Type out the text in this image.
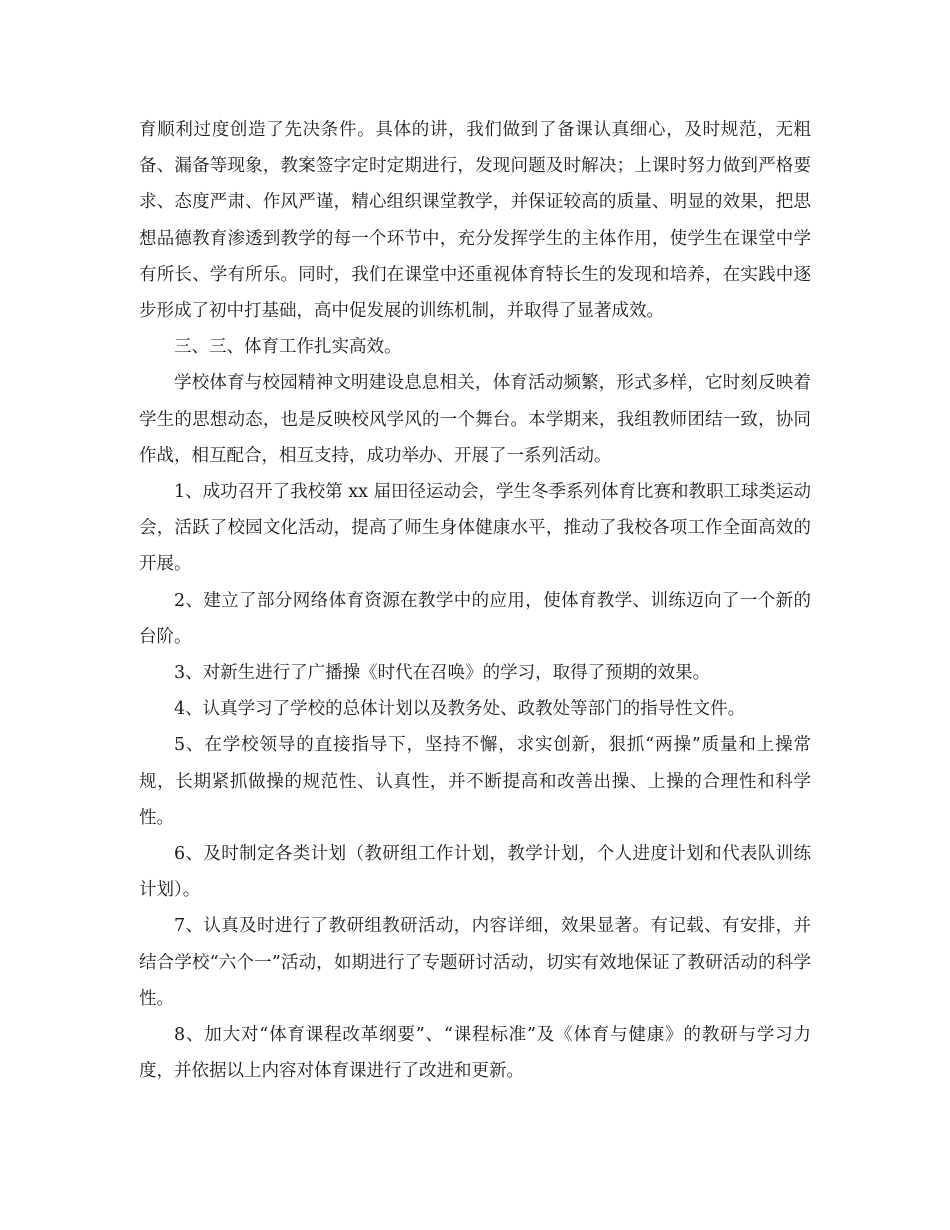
育顺利过度创造了先决条件。具体的讲，我们做到了备课认真细心，及时规范，无粗备、漏备等现象，教案签字定时定期进行，发现问题及时解决；上课时努力做到严格要求、态度严肃、作风严谨，精心组织课堂教学，并保证较高的质量、明显的效果，把思想品德教育渗透到教学的每一个环节中，充分发挥学生的主体作用，使学生在课堂中学有所长、学有所乐。同时，我们在课堂中还重视体育特长生的发现和培养，在实践中逐步形成了初中打基础，高中促发展的训练机制，并取得了显著成效。

三、三、体育工作扎实高效。

学校体育与校园精神文明建设息息相关，体育活动频繁，形式多样，它时刻反映着学生的思想动态，也是反映校风学风的一个舞台。本学期来，我组教师团结一致，协同作战，相互配合，相互支持，成功举办、开展了一系列活动。

1、成功召开了我校第 xx 届田径运动会，学生冬季系列体育比赛和教职工球类运动会，活跃了校园文化活动，提高了师生身体健康水平，推动了我校各项工作全面高效的开展。

2、建立了部分网络体育资源在教学中的应用，使体育教学、训练迈向了一个新的台阶。

3、对新生进行了广播操《时代在召唤》的学习，取得了预期的效果。

4、认真学习了学校的总体计划以及教务处、政教处等部门的指导性文件。

5、在学校领导的直接指导下，坚持不懈，求实创新，狠抓“两操”质量和上操常规，长期紧抓做操的规范性、认真性，并不断提高和改善出操、上操的合理性和科学性。

6、及时制定各类计划（教研组工作计划，教学计划，个人进度计划和代表队训练计划）。

7、认真及时进行了教研组教研活动，内容详细，效果显著。有记载、有安排，并结合学校“六个一”活动，如期进行了专题研讨活动，切实有效地保证了教研活动的科学性。

8、加大对“体育课程改革纲要”、“课程标准”及《体育与健康》的教研与学习力度，并依据以上内容对体育课进行了改进和更新。
